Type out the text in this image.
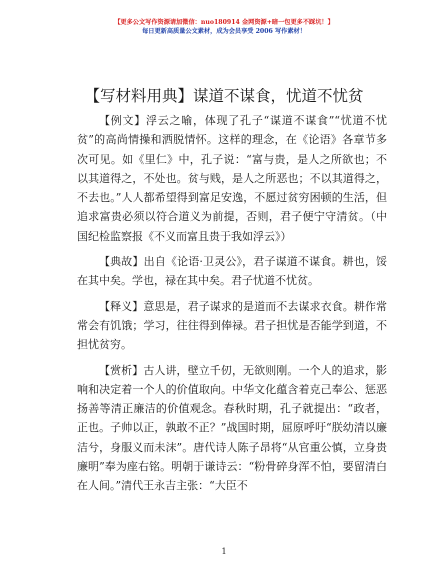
【更多公文写作资源请加微信：nuo180914 金网资源+暗一包更多不踩坑！】
每日更新高质量公文素材，成为会员享受 2006 写作素材！
【写材料用典】谋道不谋食，忧道不忧贫

【例文】浮云之喻，体现了孔子“谋道不谋食”“忧道不忧贫”的高尚情操和洒脱情怀。这样的理念，在《论语》各章节多次可见。如《里仁》中，孔子说：“富与贵，是人之所欲也；不以其道得之，不处也。贫与贱，是人之所恶也；不以其道得之，不去也。”人人都希望得到富足安逸，不愿过贫穷困顿的生活，但追求富贵必须以符合道义为前提，否则，君子便宁守清贫。（中国纪检监察报《不义而富且贵于我如浮云》）

【典故】出自《论语·卫灵公》，君子谋道不谋食。耕也，馁在其中矣。学也，禄在其中矣。君子忧道不忧贫。

【释义】意思是，君子谋求的是道而不去谋求衣食。耕作常常会有饥饿；学习，往往得到俸禄。君子担忧是否能学到道，不担忧贫穷。

【赏析】古人讲，壁立千仞，无欲则刚。一个人的追求，影响和决定着一个人的价值取向。中华文化蕴含着克己奉公、惩恶扬善等清正廉洁的价值观念。春秋时期，孔子就提出：“政者，正也。子帅以正，孰敢不正？”战国时期，屈原呼吁“朕幼清以廉洁兮，身服义而未沫”。唐代诗人陈子昂将“从官重公慎，立身贵廉明”奉为座右铭。明朝于谦诗云：“粉骨碎身浑不怕，要留清白在人间。”清代王永吉主张：“大臣不

1
